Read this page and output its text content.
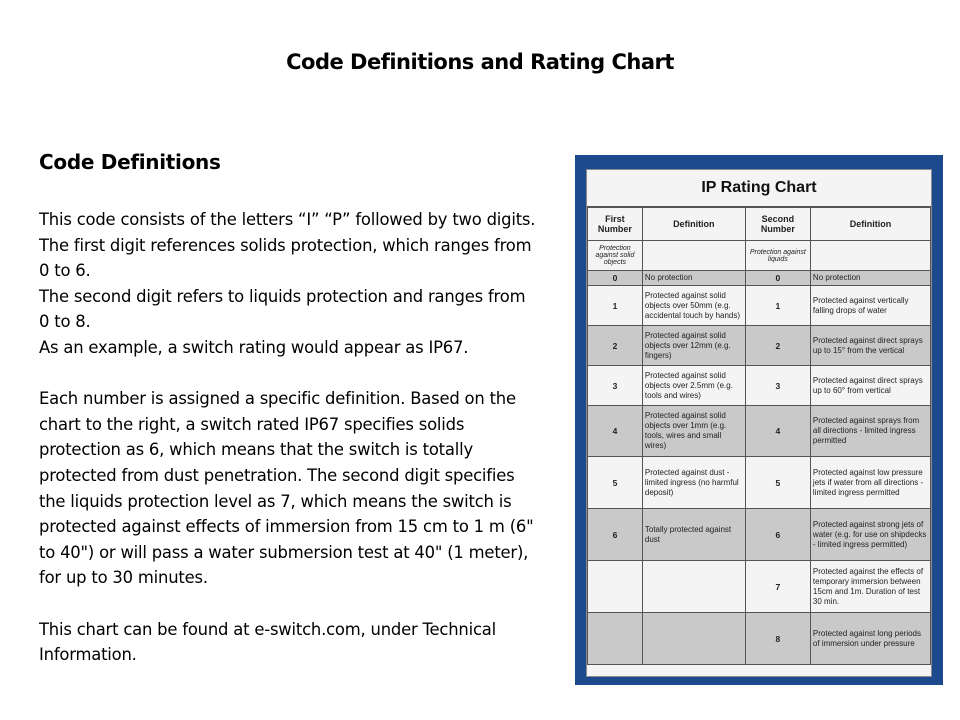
Code Definitions and Rating Chart
Code Definitions

This code consists of the letters “I” “P” followed by two digits.

The first digit references solids protection, which ranges from 0 to 6.

The second digit refers to liquids protection and ranges from 0 to 8.

As an example, a switch rating would appear as IP67.

Each number is assigned a specific definition. Based on the chart to the right, a switch rated IP67 specifies solids protection as 6, which means that the switch is totally protected from dust penetration. The second digit specifies the liquids protection level as 7, which means the switch is protected against effects of immersion from 15 cm to 1 m (6" to 40") or will pass a water submersion test at 40" (1 meter), for up to 30 minutes.

This chart can be found at e-switch.com, under Technical Information.

IP Rating Chart
First Number	Definition	Second Number	Definition
Protection against solid objects		Protection against liquids	
0	No protection	0	No protection
1	Protected against solid objects over 50mm (e.g. accidental touch by hands)	1	Protected against vertically falling drops of water
2	Protected against solid objects over 12mm (e.g. fingers)	2	Protected against direct sprays up to 15° from the vertical
3	Protected against solid objects over 2.5mm (e.g. tools and wires)	3	Protected against direct sprays up to 60° from vertical
4	Protected against solid objects over 1mm (e.g. tools, wires and small wires)	4	Protected against sprays from all directions - limited ingress permitted
5	Protected against dust - limited ingress (no harmful deposit)	5	Protected against low pressure jets if water from all directions - limited ingress permitted
6	Totally protected against dust	6	Protected against strong jets of water (e.g. for use on shipdecks - limited ingress permitted)
		7	Protected against the effects of temporary immersion between 15cm and 1m. Duration of test 30 min.
		8	Protected against long periods of immersion under pressure
